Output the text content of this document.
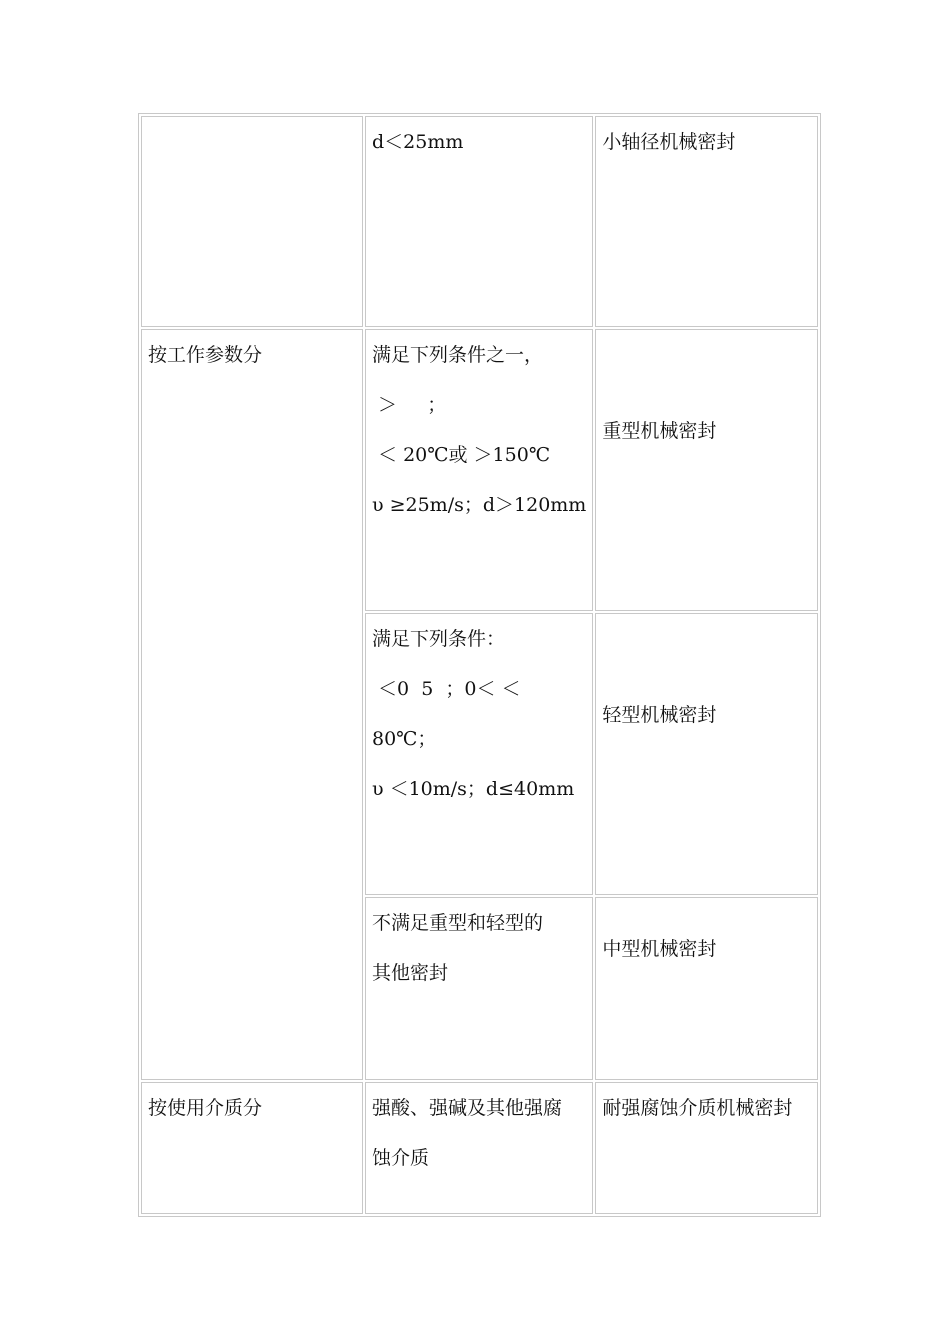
	d＜25mm	小轴径机械密封

按工作参数分	满足下列条件之一，
＞     ；
＜ 20℃或 ＞150℃
υ ≥25m/s；d＞120mm	重型机械密封

	满足下列条件：
＜0  5  ；0＜ ＜
80℃；
υ ＜10m/s；d≤40mm	轻型机械密封

	不满足重型和轻型的
其他密封	中型机械密封

按使用介质分	强酸、强碱及其他强腐
蚀介质	耐强腐蚀介质机械密封
